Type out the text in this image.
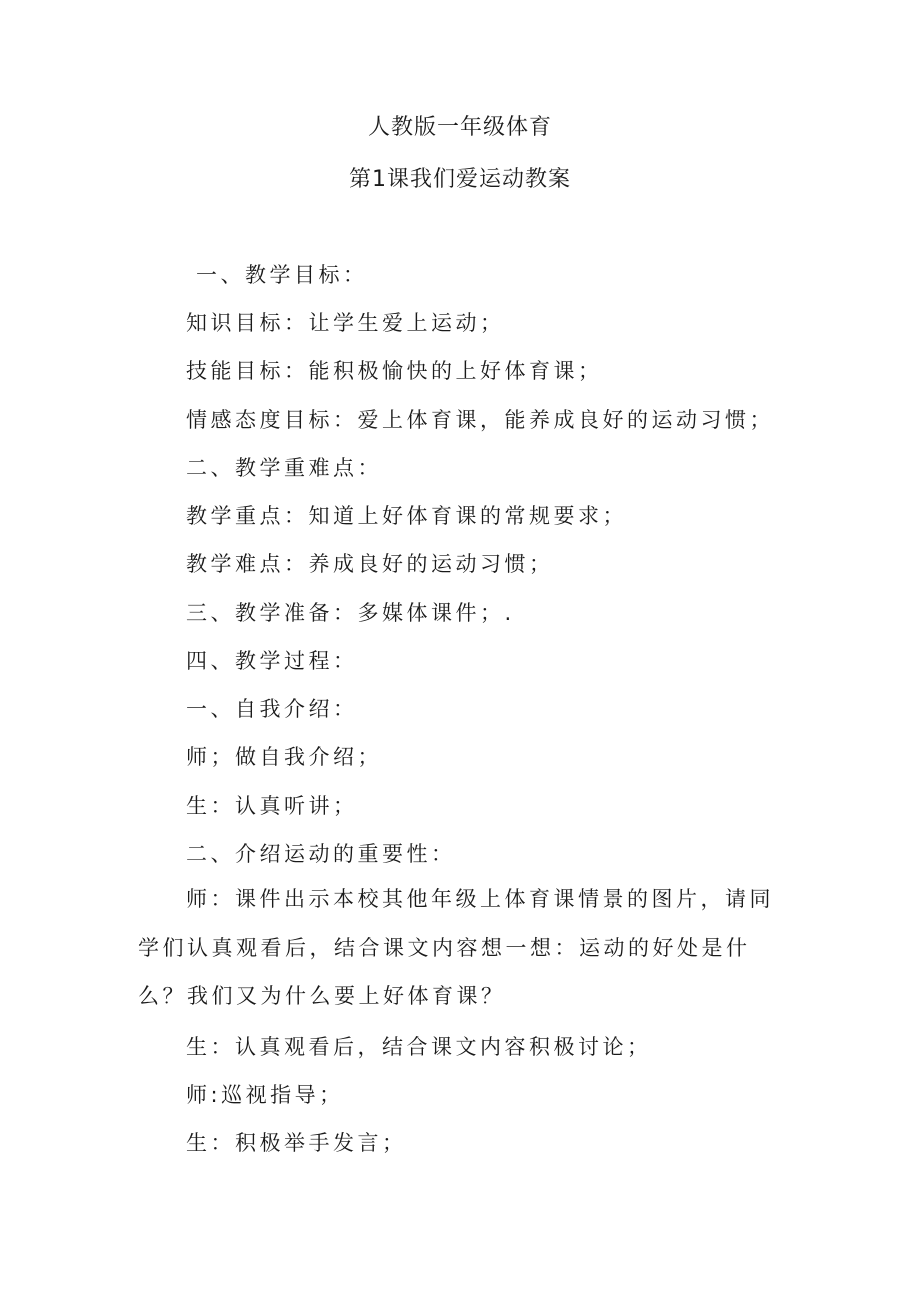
人教版一年级体育
第1课我们爱运动教案
一、教学目标：
知识目标：让学生爱上运动；
技能目标：能积极愉快的上好体育课；
情感态度目标：爱上体育课，能养成良好的运动习惯；
二、教学重难点：
教学重点：知道上好体育课的常规要求；
教学难点：养成良好的运动习惯；
三、教学准备：多媒体课件；.
四、教学过程：
一、自我介绍：
师；做自我介绍；
生：认真听讲；
二、介绍运动的重要性：
师：课件出示本校其他年级上体育课情景的图片，请同学们认真观看后，结合课文内容想一想：运动的好处是什么？我们又为什么要上好体育课？
生：认真观看后，结合课文内容积极讨论；
师:巡视指导；
生：积极举手发言；
